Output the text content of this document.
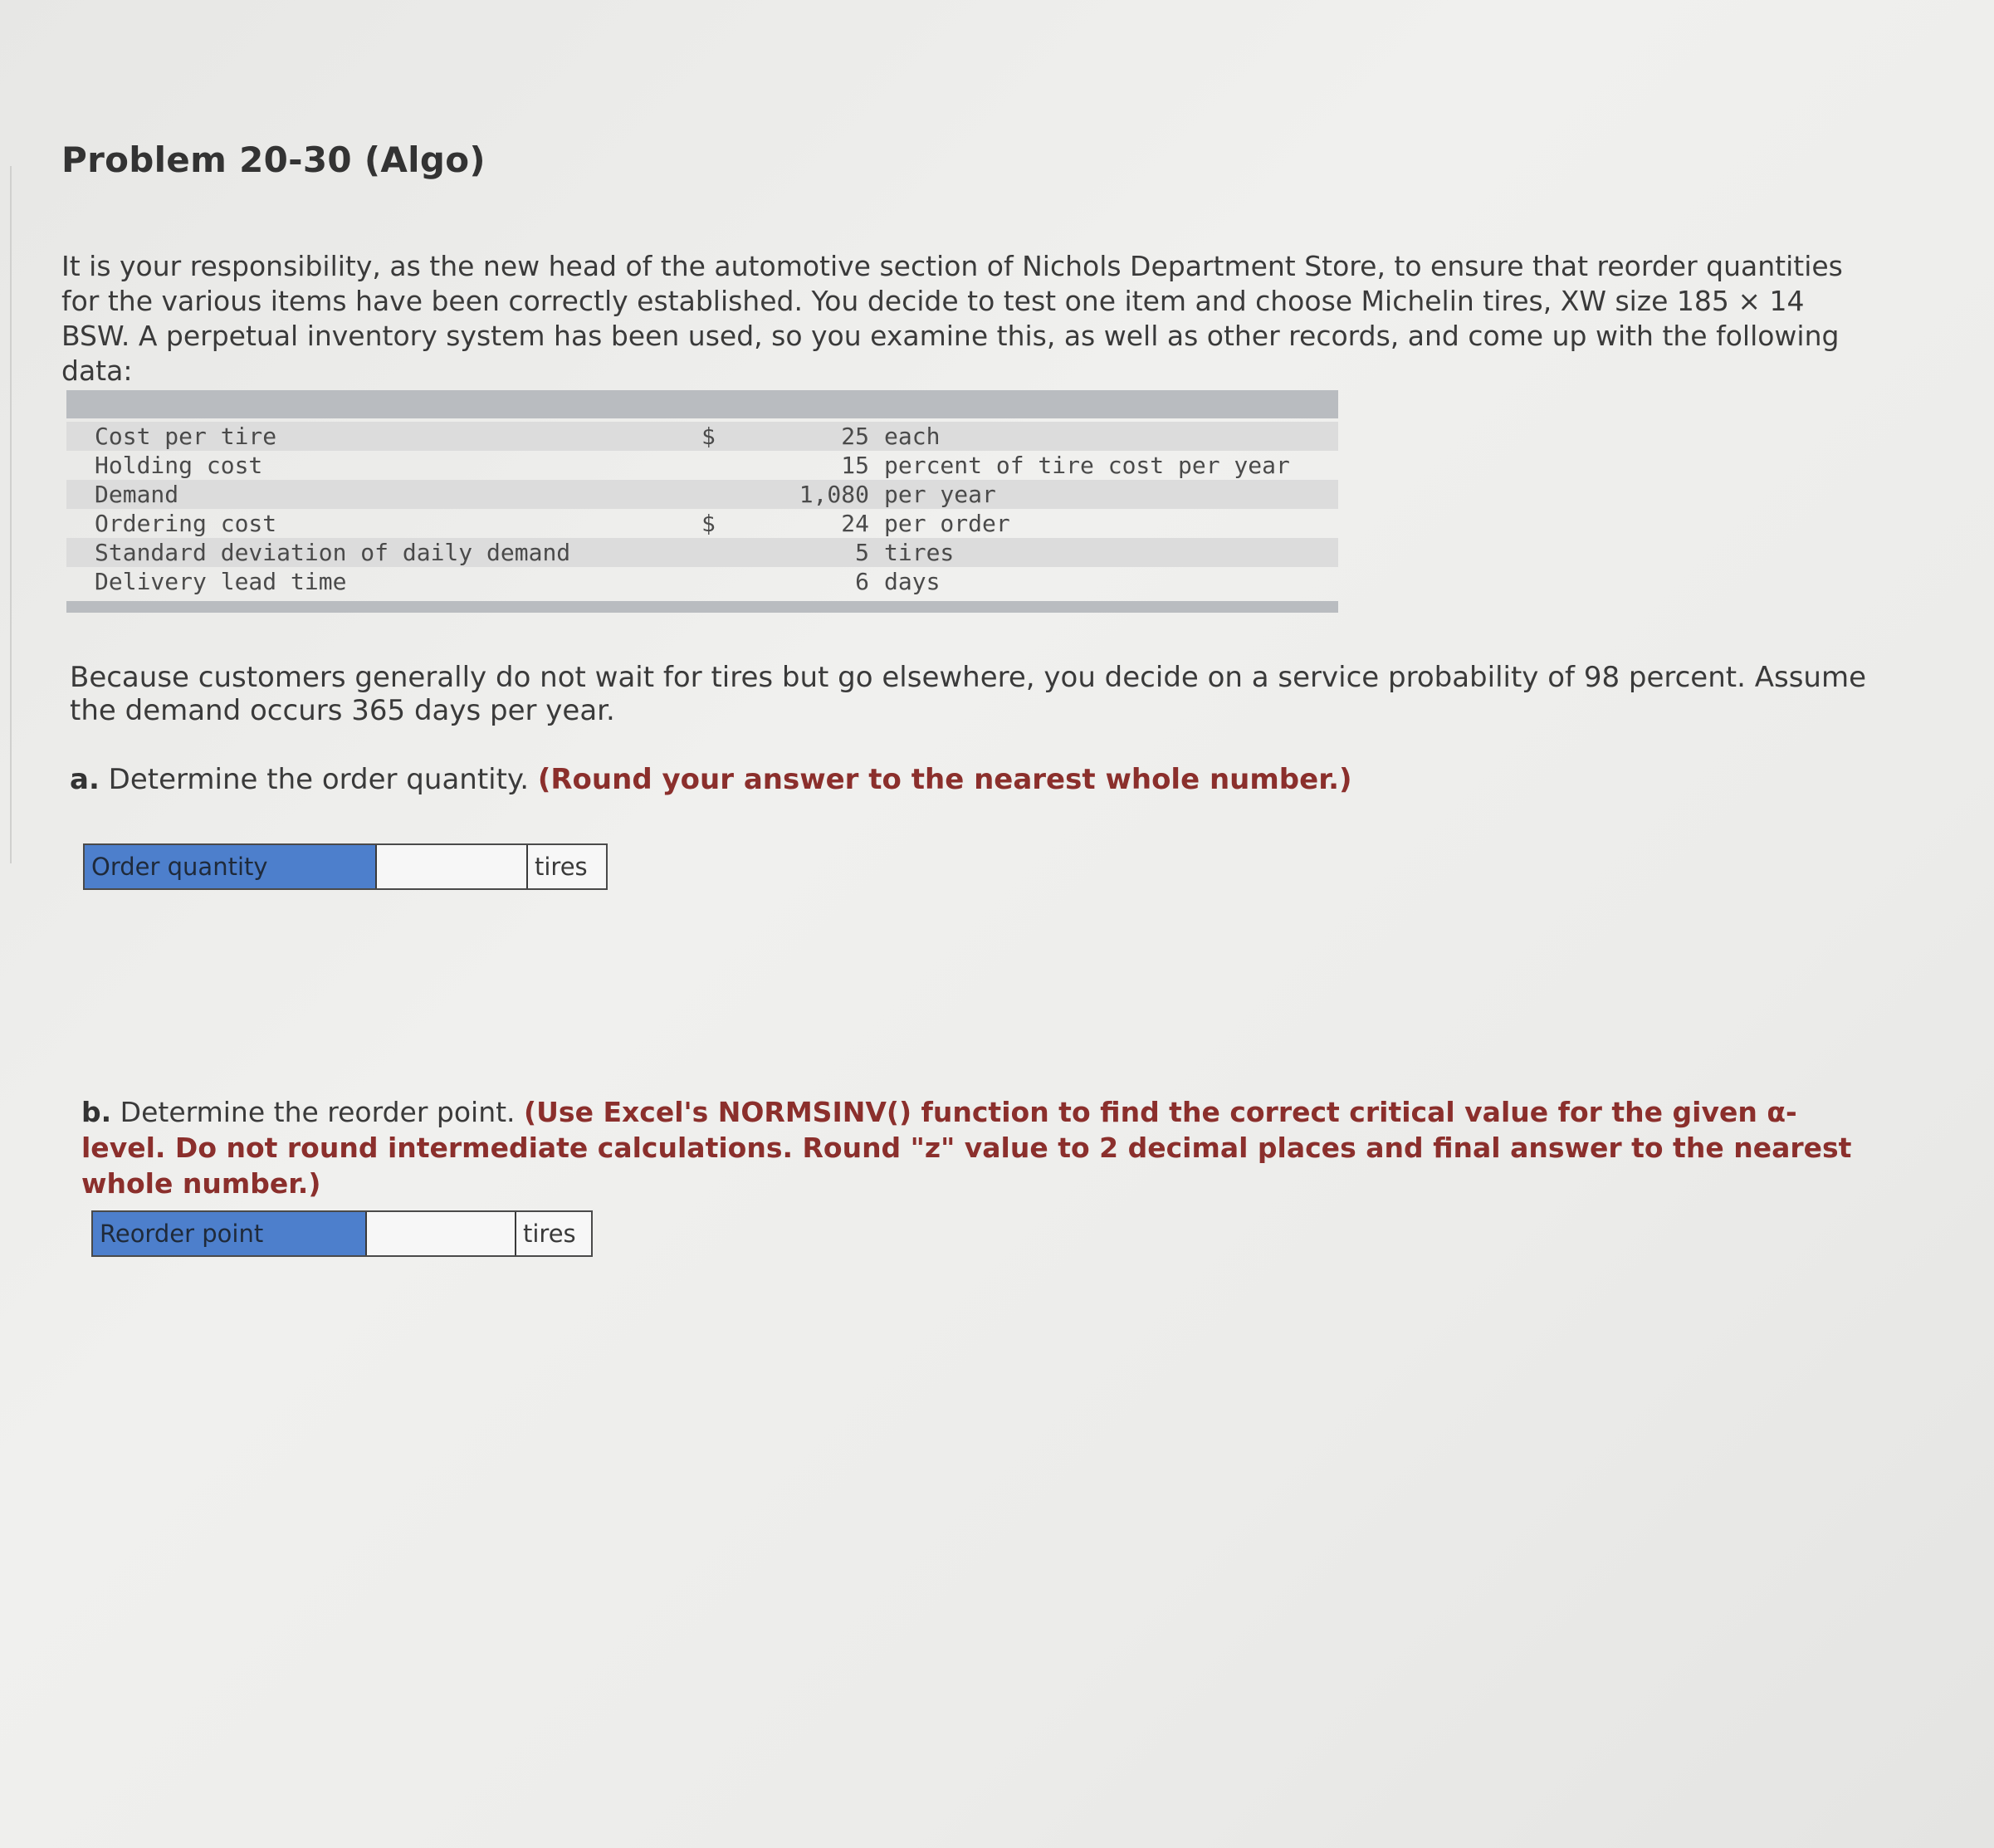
Problem 20-30 (Algo)
It is your responsibility, as the new head of the automotive section of Nichols Department Store, to ensure that reorder quantities for the various items have been correctly established. You decide to test one item and choose Michelin tires, XW size 185 × 14 BSW. A perpetual inventory system has been used, so you examine this, as well as other records, and come up with the following data:
Cost per tire	$	25 each
Holding cost	15 percent of tire cost per year
Demand	1,080 per year
Ordering cost	$	24 per order
Standard deviation of daily demand	5 tires
Delivery lead time	6 days
Because customers generally do not wait for tires but go elsewhere, you decide on a service probability of 98 percent. Assume the demand occurs 365 days per year.
a. Determine the order quantity. (Round your answer to the nearest whole number.)
Order quantity	tires
b. Determine the reorder point. (Use Excel's NORMSINV() function to find the correct critical value for the given α-level. Do not round intermediate calculations. Round "z" value to 2 decimal places and final answer to the nearest whole number.)
Reorder point	tires
